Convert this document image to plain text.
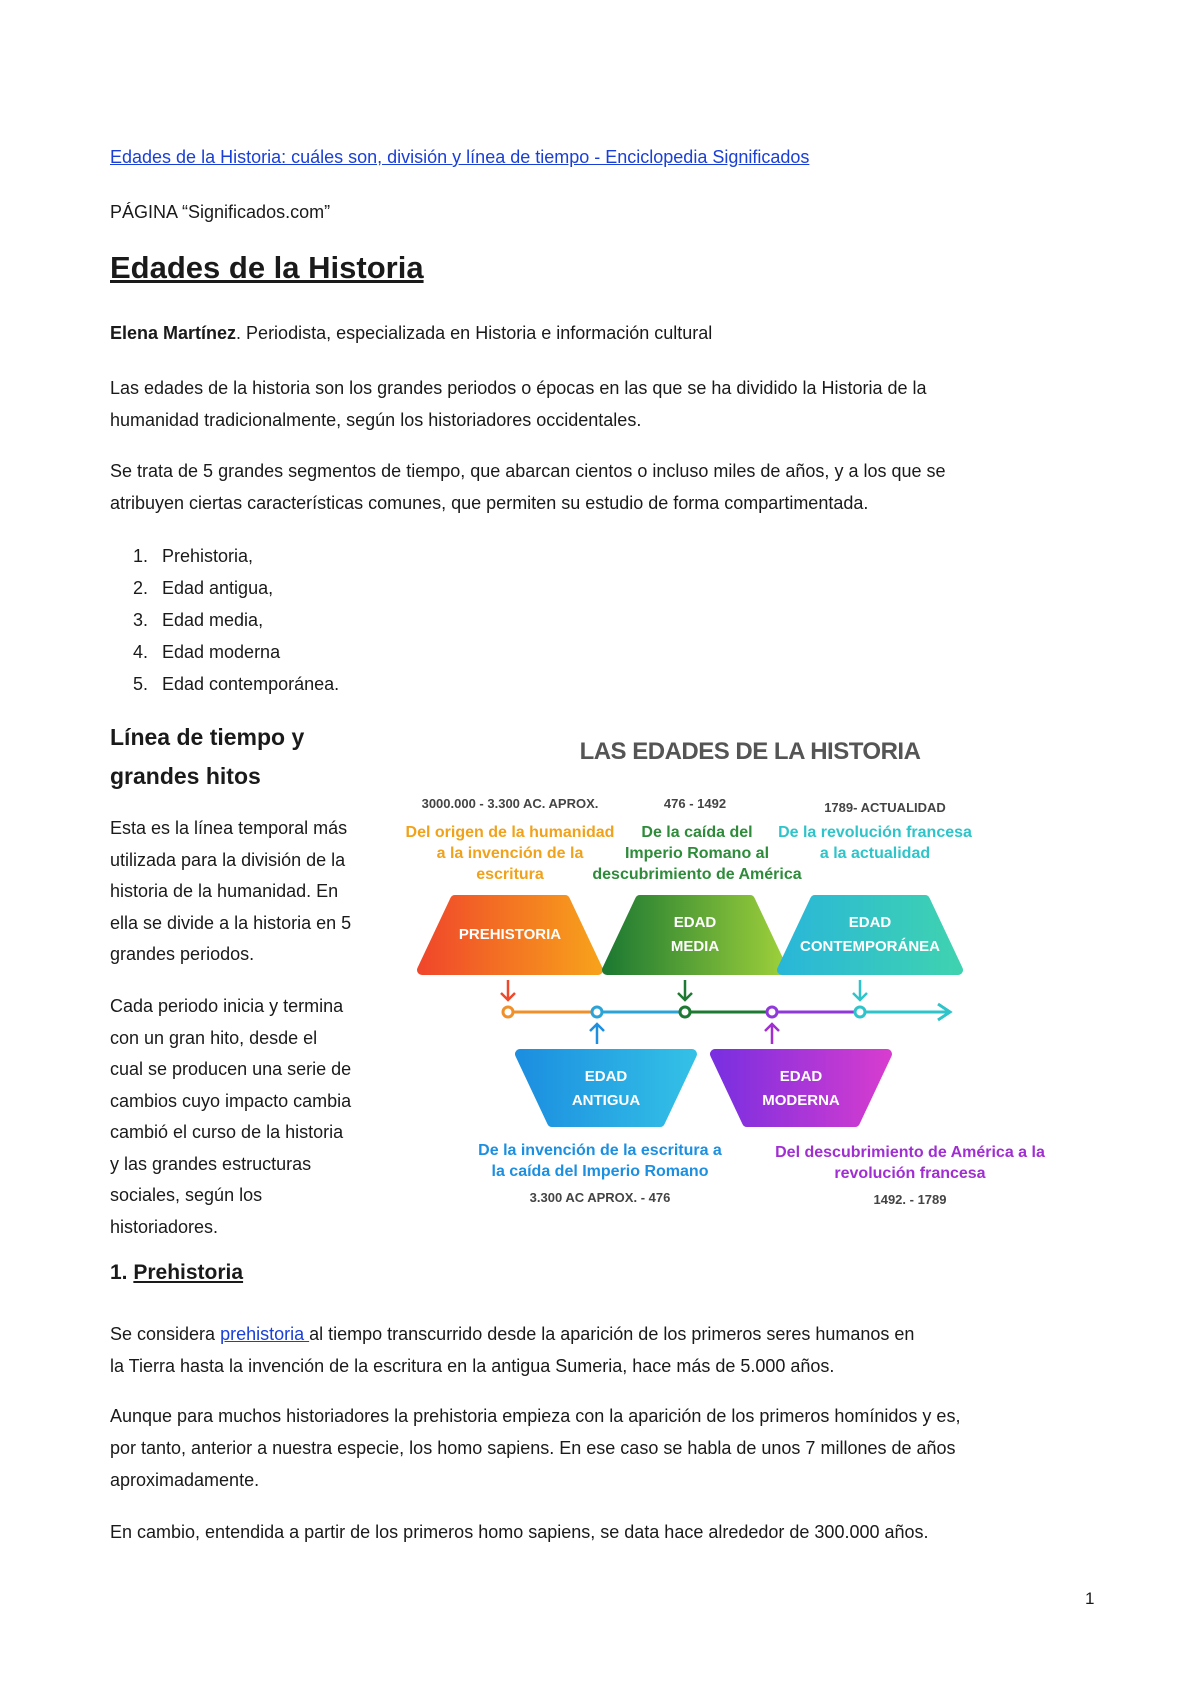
Edades de la Historia: cuáles son, división y línea de tiempo - Enciclopedia Significados
PÁGINA “Significados.com”
Edades de la Historia
Elena Martínez. Periodista, especializada en Historia e información cultural

Las edades de la historia son los grandes periodos o épocas en las que se ha dividido la Historia de la
humanidad tradicionalmente, según los historiadores occidentales.

Se trata de 5 grandes segmentos de tiempo, que abarcan cientos o incluso miles de años, y a los que se
atribuyen ciertas características comunes, que permiten su estudio de forma compartimentada.

1. Prehistoria,
2. Edad antigua,
3. Edad media,
4. Edad moderna
5. Edad contemporánea.
Línea de tiempo y
grandes hitos

Esta es la línea temporal más
utilizada para la división de la
historia de la humanidad. En
ella se divide a la historia en 5
grandes periodos.

Cada periodo inicia y termina
con un gran hito, desde el
cual se producen una serie de
cambios cuyo impacto cambia
cambió el curso de la historia
y las grandes estructuras
sociales, según los
historiadores.

1. Prehistoria

Se considera prehistoria al tiempo transcurrido desde la aparición de los primeros seres humanos en
la Tierra hasta la invención de la escritura en la antigua Sumeria, hace más de 5.000 años.

Aunque para muchos historiadores la prehistoria empieza con la aparición de los primeros homínidos y es,
por tanto, anterior a nuestra especie, los homo sapiens. En ese caso se habla de unos 7 millones de años
aproximadamente.

En cambio, entendida a partir de los primeros homo sapiens, se data hace alrededor de 300.000 años.

LAS EDADES DE LA HISTORIA
3000.000 - 3.300 AC. APROX.	476 - 1492	1789- ACTUALIDAD
Del origen de la humanidad
a la invención de la
escritura
De la caída del
Imperio Romano al
descubrimiento de América
De la revolución francesa
a la actualidad
PREHISTORIA
EDAD
MEDIA
EDAD
CONTEMPORÁNEA
EDAD
ANTIGUA
EDAD
MODERNA
De la invención de la escritura a
la caída del Imperio Romano
Del descubrimiento de América a la
revolución francesa
3.300 AC APROX. - 476	1492. - 1789
1
